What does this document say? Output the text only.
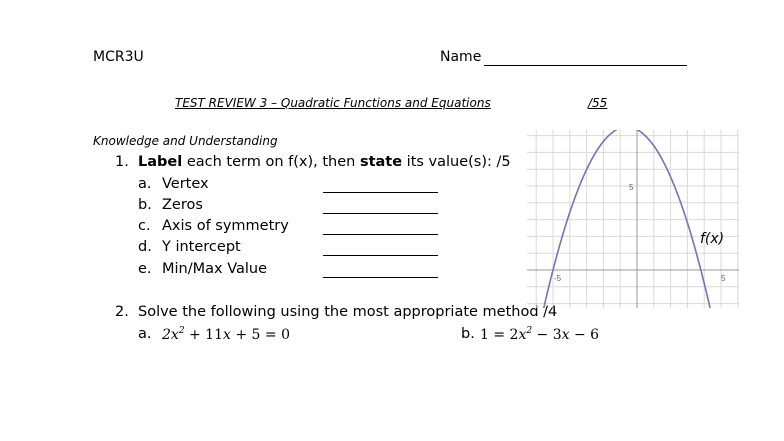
MCR3U	Name
TEST REVIEW 3 – Quadratic Functions and Equations	/55
Knowledge and Understanding
1. Label each term on f(x), then state its value(s): /5
a. Vertex
b. Zeros
c. Axis of symmetry
d. Y intercept
e. Min/Max Value
2. Solve the following using the most appropriate method /4
a. $2x^2 + 11x + 5 = 0$	b. $1 = 2x^2 - 3x - 6$
-5	5
5
f(x)
